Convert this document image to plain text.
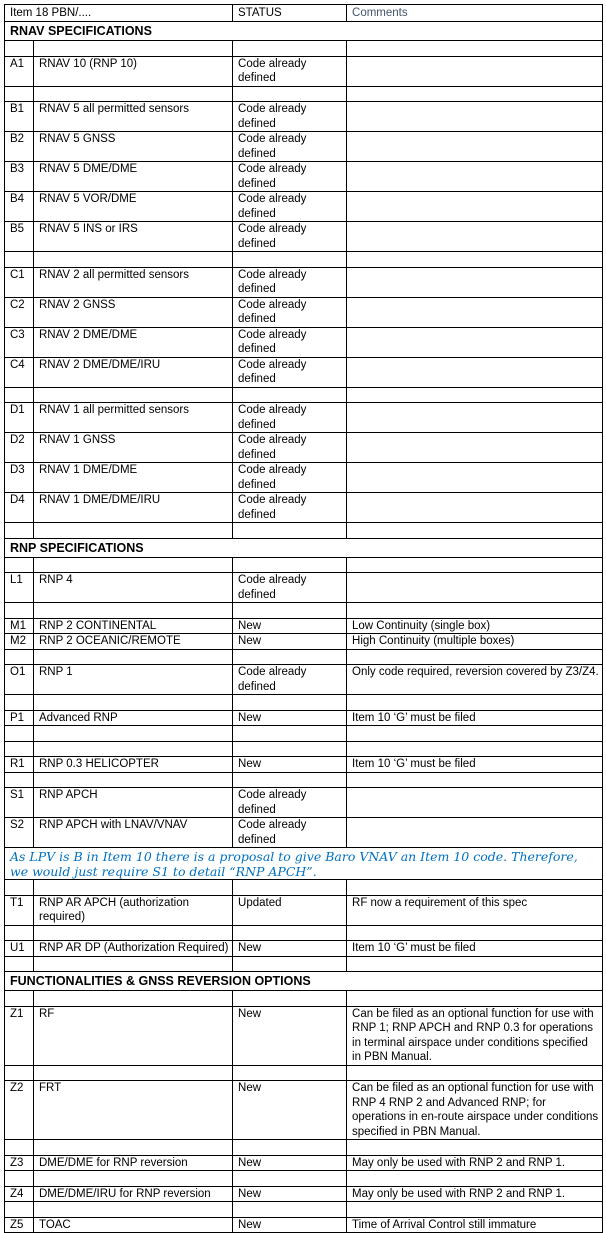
Item 18 PBN/....		STATUS	Comments
RNAV SPECIFICATIONS			

A1	RNAV 10 (RNP 10)	Code already defined	

B1	RNAV 5 all permitted sensors	Code already defined	
B2	RNAV 5 GNSS	Code already defined	
B3	RNAV 5 DME/DME	Code already defined	
B4	RNAV 5 VOR/DME	Code already defined	
B5	RNAV 5 INS or IRS	Code already defined	

C1	RNAV 2 all permitted sensors	Code already defined	
C2	RNAV 2 GNSS	Code already defined	
C3	RNAV 2 DME/DME	Code already defined	
C4	RNAV 2 DME/DME/IRU	Code already defined	

D1	RNAV 1 all permitted sensors	Code already defined	
D2	RNAV 1 GNSS	Code already defined	
D3	RNAV 1 DME/DME	Code already defined	
D4	RNAV 1 DME/DME/IRU	Code already defined	

RNP SPECIFICATIONS			

L1	RNP 4	Code already defined	

M1	RNP 2 CONTINENTAL	New	Low Continuity (single box)
M2	RNP 2 OCEANIC/REMOTE	New	High Continuity (multiple boxes)

O1	RNP 1	Code already defined	Only code required, reversion covered by Z3/Z4.

P1	Advanced RNP	New	Item 10 ‘G’ must be filed

R1	RNP 0.3 HELICOPTER	New	Item 10 ‘G’ must be filed

S1	RNP APCH	Code already defined	
S2	RNP APCH with LNAV/VNAV	Code already defined	
As LPV is B in Item 10 there is a proposal to give Baro VNAV an Item 10 code. Therefore, we would just require S1 to detail “RNP APCH”.			

T1	RNP AR APCH (authorization required)	Updated	RF now a requirement of this spec

U1	RNP AR DP (Authorization Required)	New	Item 10 ‘G’ must be filed

FUNCTIONALITIES & GNSS REVERSION OPTIONS			

Z1	RF	New	Can be filed as an optional function for use with RNP 1; RNP APCH and RNP 0.3 for operations in terminal airspace under conditions specified in PBN Manual.

Z2	FRT	New	Can be filed as an optional function for use with RNP 4 RNP 2 and Advanced RNP; for operations in en-route airspace under conditions specified in PBN Manual.

Z3	DME/DME for RNP reversion	New	May only be used with RNP 2 and RNP 1.

Z4	DME/DME/IRU for RNP reversion	New	May only be used with RNP 2 and RNP 1.

Z5	TOAC	New	Time of Arrival Control still immature
